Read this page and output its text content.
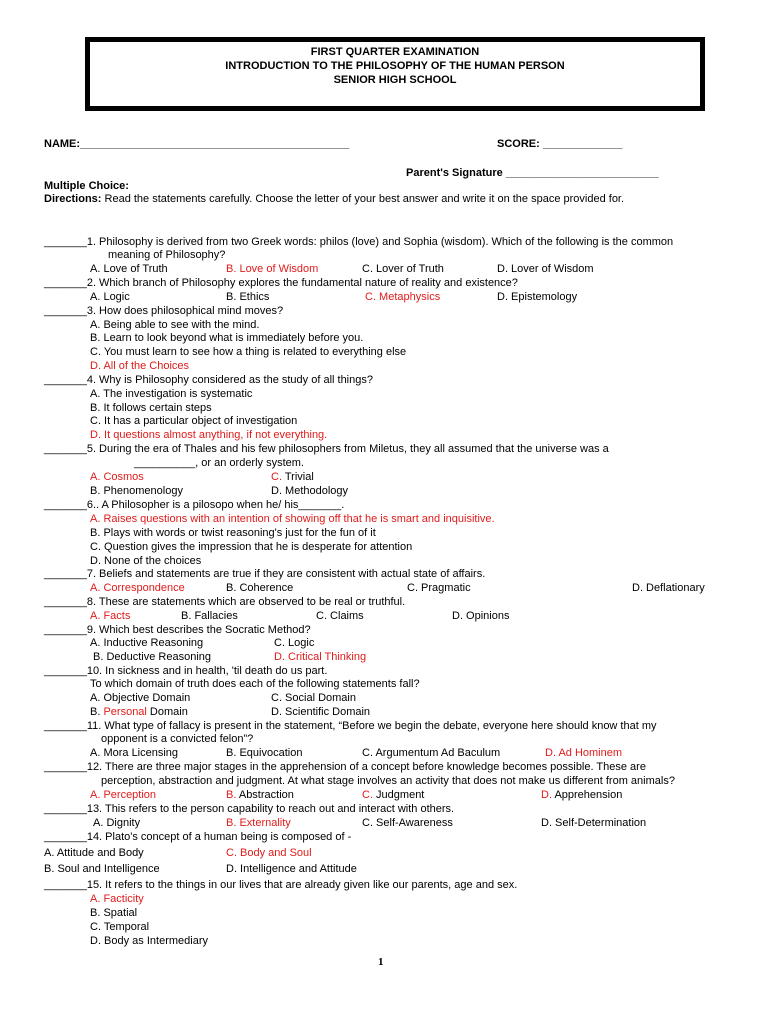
FIRST QUARTER EXAMINATION
INTRODUCTION TO THE PHILOSOPHY OF THE HUMAN PERSON
SENIOR HIGH SCHOOL
NAME:____________________________________________	SCORE: _____________
Parent's Signature _________________________
Multiple Choice:
Directions: Read the statements carefully. Choose the letter of your best answer and write it on the space provided for.
_______1. Philosophy is derived from two Greek words: philos (love) and Sophia (wisdom). Which of the following is the common
meaning of Philosophy?
A. Love of Truth	B. Love of Wisdom	C. Lover of Truth	D. Lover of Wisdom
_______2. Which branch of Philosophy explores the fundamental nature of reality and existence?
A. Logic	B. Ethics	C. Metaphysics	D. Epistemology
_______3. How does philosophical mind moves?
A. Being able to see with the mind.
B. Learn to look beyond what is immediately before you.
C. You must learn to see how a thing is related to everything else
D. All of the Choices
_______4. Why is Philosophy considered as the study of all things?
A. The investigation is systematic
B. It follows certain steps
C. It has a particular object of investigation
D. It questions almost anything, if not everything.
_______5. During the era of Thales and his few philosophers from Miletus, they all assumed that the universe was a
__________, or an orderly system.
A. Cosmos	C. Trivial
B. Phenomenology	D. Methodology
_______6.. A Philosopher is a pilosopo when he/ his_______.
A. Raises questions with an intention of showing off that he is smart and inquisitive.
B. Plays with words or twist reasoning's just for the fun of it
C. Question gives the impression that he is desperate for attention
D. None of the choices
_______7. Beliefs and statements are true if they are consistent with actual state of affairs.
A. Correspondence	B. Coherence	C. Pragmatic	D. Deflationary
_______8. These are statements which are observed to be real or truthful.
A. Facts	B. Fallacies	C. Claims	D. Opinions
_______9. Which best describes the Socratic Method?
A. Inductive Reasoning	C. Logic
B. Deductive Reasoning	D. Critical Thinking
_______10. In sickness and in health, 'til death do us part.
To which domain of truth does each of the following statements fall?
A. Objective Domain	C. Social Domain
B. Personal Domain	D. Scientific Domain
_______11. What type of fallacy is present in the statement, “Before we begin the debate, everyone here should know that my
opponent is a convicted felon”?
A. Mora Licensing	B. Equivocation	C. Argumentum Ad Baculum	D. Ad Hominem
_______12. There are three major stages in the apprehension of a concept before knowledge becomes possible. These are
perception, abstraction and judgment. At what stage involves an activity that does not make us different from animals?
A. Perception	B. Abstraction	C. Judgment	D. Apprehension
_______13. This refers to the person capability to reach out and interact with others.
A. Dignity	B. Externality	C. Self-Awareness	D. Self-Determination
_______14. Plato's concept of a human being is composed of -
A. Attitude and Body	C. Body and Soul
B. Soul and Intelligence	D. Intelligence and Attitude
_______15. It refers to the things in our lives that are already given like our parents, age and sex.
A. Facticity
B. Spatial
C. Temporal
D. Body as Intermediary
1
